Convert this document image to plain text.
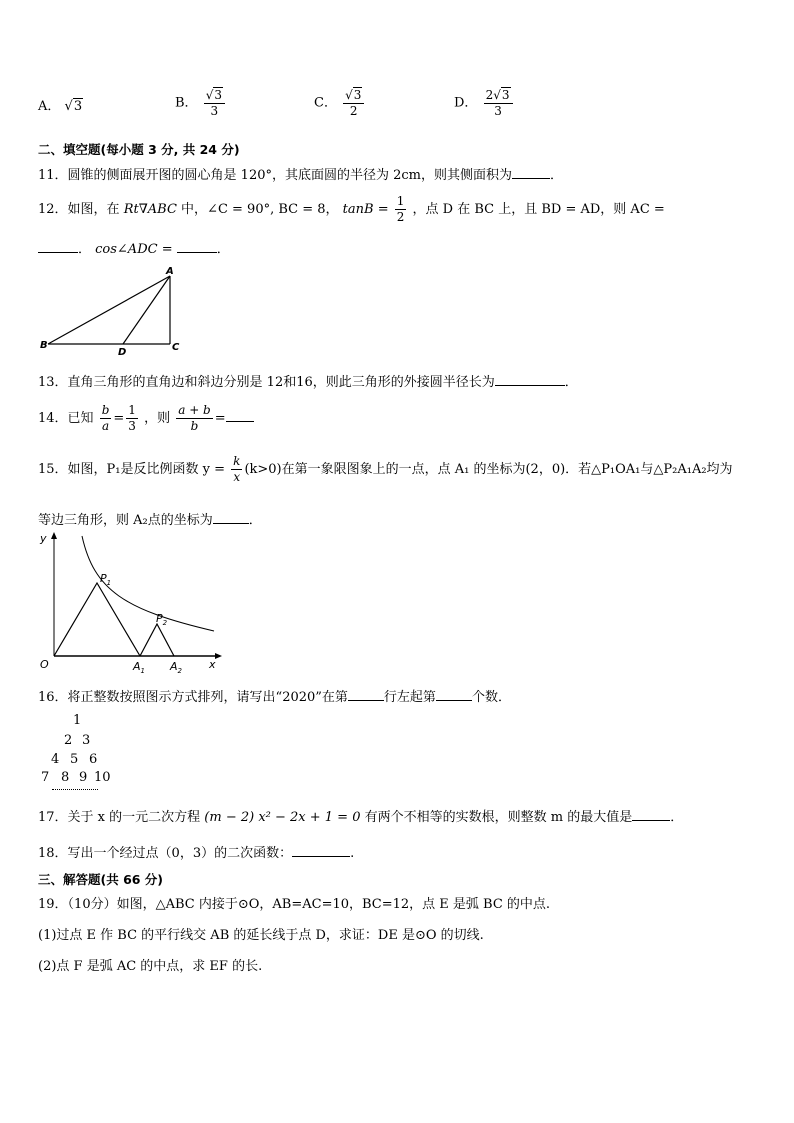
A． √3	B． $\frac{√3}{3}$	C． $\frac{√3}{2}$	D． $\frac{2√3}{3}$
二、填空题(每小题 3 分, 共 24 分)
11．圆锥的侧面展开图的圆心角是 120°，其底面圆的半径为 2cm，则其侧面积为	．
12．如图，在 Rt∇ABC 中，∠C = 90°, BC = 8， $\tan B = \frac{1}{2}$ ，点 D 在 BC 上，且 BD = AD，则 AC =
． cos∠ADC =	．
A
B	C
D
13．直角三角形的直角边和斜边分别是 12和16，则此三角形的外接圆半径长为	．
14．已知 $\frac{b}{a} = \frac{1}{3}$ ，则 $\frac{a + b}{b}$ =
15．如图，P₁是反比例函数 $y = \frac{k}{x} (k>0)$在第一象限图象上的一点，点 A₁ 的坐标为(2，0)．若△P₁OA₁与△P₂A₁A₂均为
等边三角形，则 A₂点的坐标为	．
y
x
O
$P_1$
$P_2$
$A_1$ $A_2$
16．将正整数按照图示方式排列，请写出“2020”在第	行左起第	个数．
1
2 3
4 5 6
7 8 9 10
17．关于 x 的一元二次方程 (m − 2) x² − 2x + 1 = 0 有两个不相等的实数根，则整数 m 的最大值是	．
18．写出一个经过点（0，3）的二次函数：	.
三、解答题(共 66 分)
19．（10分）如图，△ABC 内接于⊙O，AB=AC=10，BC=12，点 E 是弧 BC 的中点.
(1)过点 E 作 BC 的平行线交 AB 的延长线于点 D，求证：DE 是⊙O 的切线.
(2)点 F 是弧 AC 的中点，求 EF 的长.
